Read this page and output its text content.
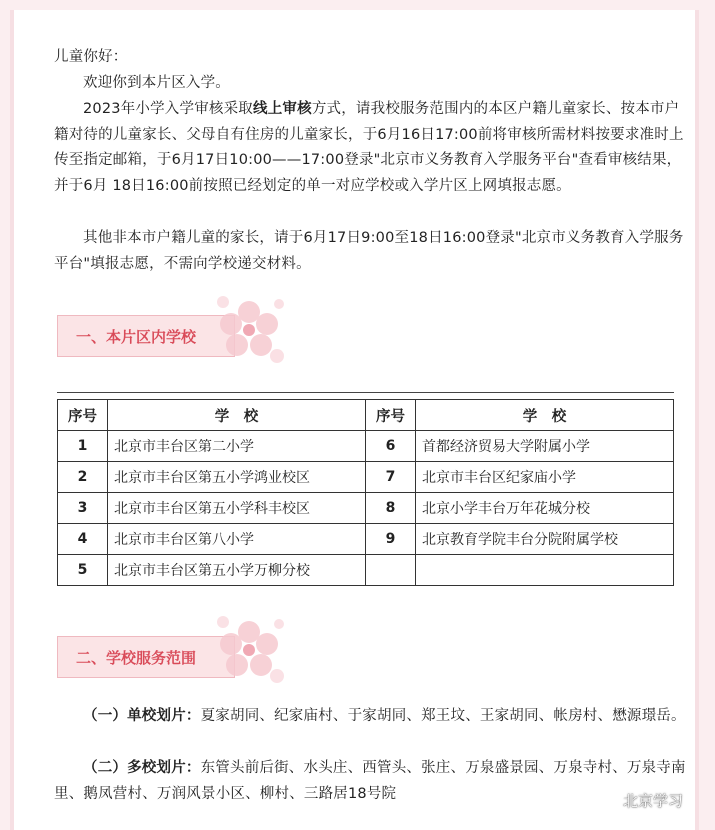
儿童你好：

欢迎你到本片区入学。

2023年小学入学审核采取线上审核方式，请我校服务范围内的本区户籍儿童家长、按本市户籍对待的儿童家长、父母自有住房的儿童家长，于6月16日17:00前将审核所需材料按要求准时上传至指定邮箱，于6月17日10:00——17:00登录"北京市义务教育入学服务平台"查看审核结果，并于6月 18日16:00前按照已经划定的单一对应学校或入学片区上网填报志愿。

其他非本市户籍儿童的家长，请于6月17日9:00至18日16:00登录"北京市义务教育入学服务平台"填报志愿，不需向学校递交材料。

（一）单校划片：夏家胡同、纪家庙村、于家胡同、郑王坟、王家胡同、帐房村、懋源璟岳。

（二）多校划片：东管头前后街、水头庄、西管头、张庄、万泉盛景园、万泉寺村、万泉寺南里、鹅凤营村、万润风景小区、柳村、三路居18号院

一、本片区内学校
序号	学　校	序号	学　校
1	北京市丰台区第二小学	6	首都经济贸易大学附属小学
2	北京市丰台区第五小学鸿业校区	7	北京市丰台区纪家庙小学
3	北京市丰台区第五小学科丰校区	8	北京小学丰台万年花城分校
4	北京市丰台区第八小学	9	北京教育学院丰台分院附属学校
5	北京市丰台区第五小学万柳分校		
二、学校服务范围
北京学习
